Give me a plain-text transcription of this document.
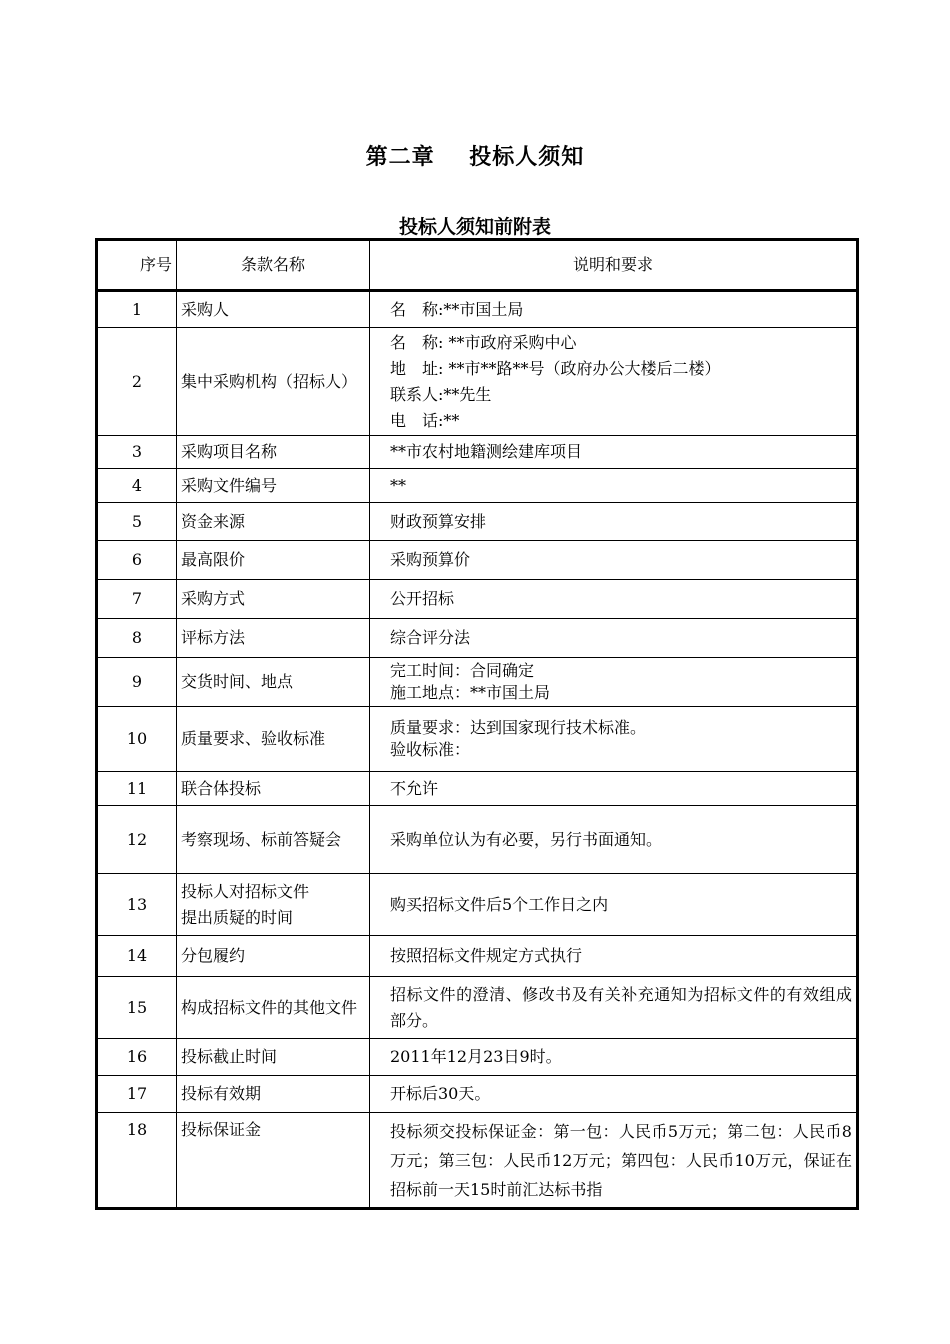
第二章    投标人须知
投标人须知前附表
序号	条款名称	说明和要求
1	采购人	名　称:**市国土局

2	集中采购机构（招标人）	名　称: **市政府采购中心
地　址: **市**路**号（政府办公大楼后二楼）
联系人:**先生
电　话:**

3	采购项目名称	**市农村地籍测绘建库项目

4	采购文件编号	**

5	资金来源	财政预算安排

6	最高限价	采购预算价

7	采购方式	公开招标

8	评标方法	综合评分法

9	交货时间、地点	完工时间：合同确定
施工地点：**市国土局

10	质量要求、验收标准	质量要求：达到国家现行技术标准。
验收标准：

11	联合体投标	不允许

12	考察现场、标前答疑会	采购单位认为有必要，另行书面通知。

13	投标人对招标文件
提出质疑的时间	购买招标文件后5个工作日之内

14	分包履约	按照招标文件规定方式执行

15	构成招标文件的其他文件	招标文件的澄清、修改书及有关补充通知为招标文件的有效组成部分。

16	投标截止时间	2011年12月23日9时。

17	投标有效期	开标后30天。

18	投标保证金	投标须交投标保证金：第一包：人民币5万元；第二包：人民币8万元；第三包：人民币12万元；第四包：人民币10万元，保证在招标前一天15时前汇达标书指
